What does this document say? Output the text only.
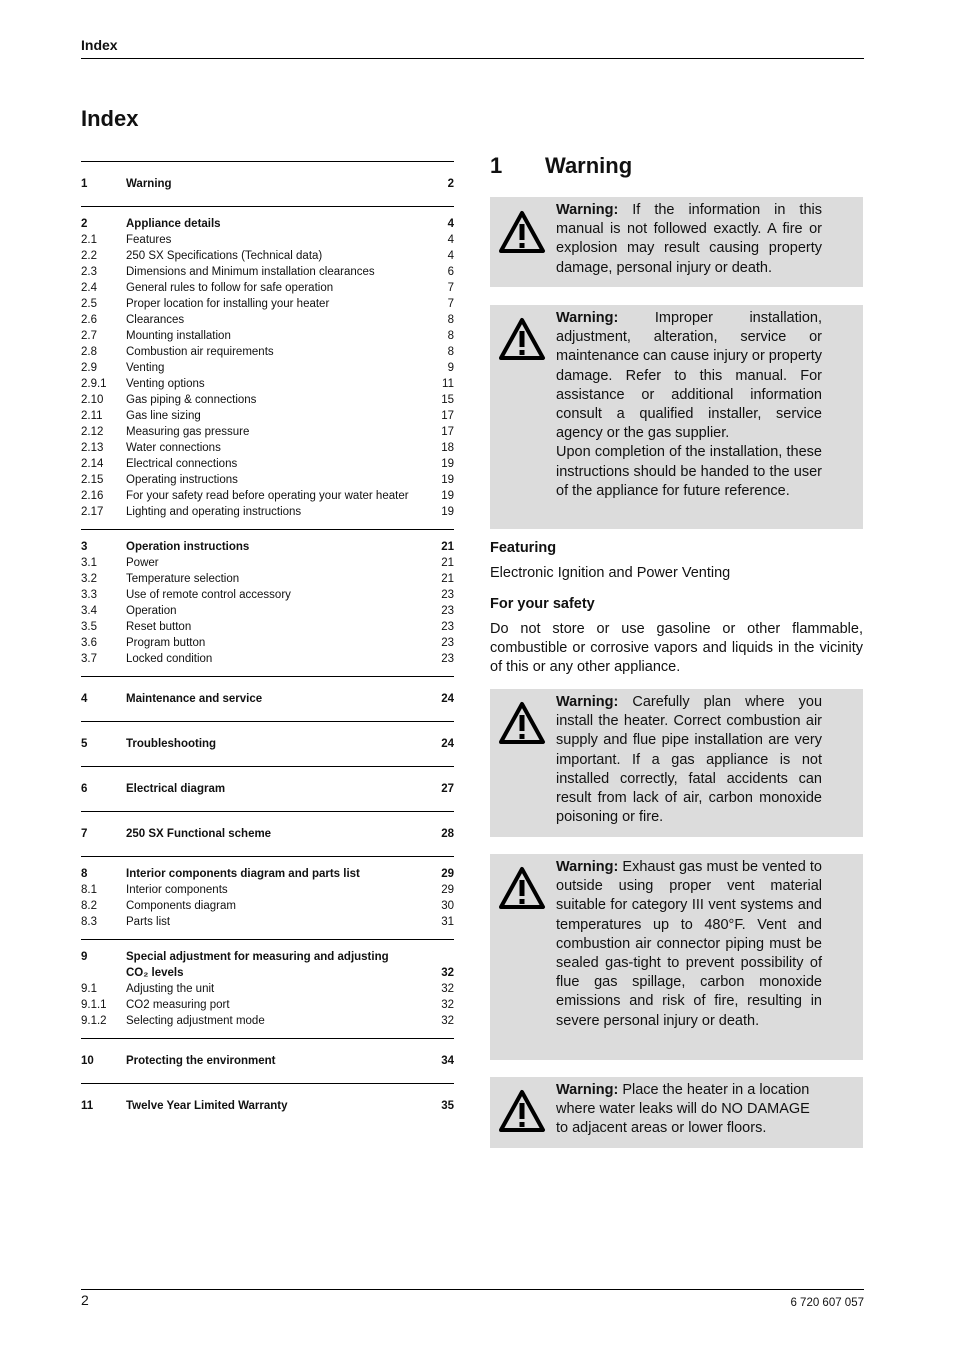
Index
Index
1	Warning	2
2	Appliance details	4
2.1	Features	4
2.2	250 SX Specifications (Technical data)	4
2.3	Dimensions and Minimum installation clearances	6
2.4	General rules to follow for safe operation	7
2.5	Proper location for installing your heater	7
2.6	Clearances	8
2.7	Mounting installation	8
2.8	Combustion air requirements	8
2.9	Venting	9
2.9.1	Venting options	11
2.10	Gas piping & connections	15
2.11	Gas line sizing	17
2.12	Measuring gas pressure	17
2.13	Water connections	18
2.14	Electrical connections	19
2.15	Operating instructions	19
2.16	For your safety read before operating your water heater	19
2.17	Lighting and operating instructions	19
3	Operation instructions	21
3.1	Power	21
3.2	Temperature selection	21
3.3	Use of remote control accessory	23
3.4	Operation	23
3.5	Reset button	23
3.6	Program button	23
3.7	Locked condition	23
4	Maintenance and service	24
5	Troubleshooting	24
6	Electrical diagram	27
7	250 SX Functional scheme	28
8	Interior components diagram and parts list	29
8.1	Interior components	29
8.2	Components diagram	30
8.3	Parts list	31
9	Special adjustment for measuring and adjusting CO₂ levels	32
9.1	Adjusting the unit	32
9.1.1	CO2 measuring port	32
9.1.2	Selecting adjustment mode	32
10	Protecting the environment	34
11	Twelve Year Limited Warranty	35
1	Warning

Warning: If the information in this manual is not followed exactly. A fire or explosion may result causing property damage, personal injury or death.

Warning:	Improper installation, adjustment, alteration, service or maintenance can cause injury or property damage. Refer to this manual. For assistance or additional information consult a qualified installer, service agency or the gas supplier.

Upon completion of the installation, these instructions should be handed to the user of the appliance for future reference.

Featuring
Electronic Ignition and Power Venting
For your safety
Do not store or use gasoline or other flammable, combustible or corrosive vapors and liquids in the vicinity of this or any other appliance.

Warning: Carefully plan where you install the heater. Correct combustion air supply and flue pipe installation are very important. If a gas appliance is not installed correctly, fatal accidents can result from lack of air, carbon monoxide poisoning or fire.

Warning: Exhaust gas must be vented to outside using proper vent material suitable for category III vent systems and temperatures up to 480°F. Vent and combustion air connector piping must be sealed gas-tight to prevent possibility of flue gas spillage, carbon monoxide emissions and risk of fire, resulting in severe personal injury or death.

Warning: Place the heater in a location where water leaks will do NO DAMAGE to adjacent areas or lower floors.

2	6 720 607 057
